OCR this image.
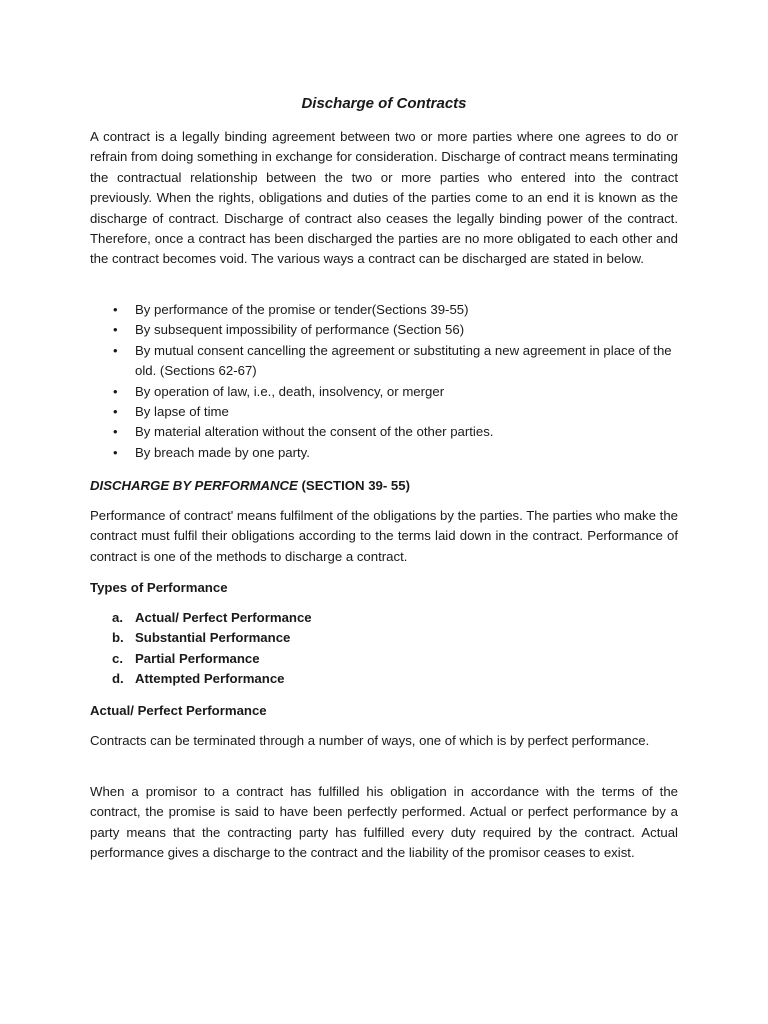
Discharge of Contracts

A contract is a legally binding agreement between two or more parties where one agrees to do or refrain from doing something in exchange for consideration. Discharge of contract means terminating the contractual relationship between the two or more parties who entered into the contract previously. When the rights, obligations and duties of the parties come to an end it is known as the discharge of contract. Discharge of contract also ceases the legally binding power of the contract. Therefore, once a contract has been discharged the parties are no more obligated to each other and the contract becomes void. The various ways a contract can be discharged are stated in below.

• By performance of the promise or tender(Sections 39-55)
• By subsequent impossibility of performance (Section 56)
• By mutual consent cancelling the agreement or substituting a new agreement in place of the old. (Sections 62-67)
• By operation of law, i.e., death, insolvency, or merger
• By lapse of time
• By material alteration without the consent of the other parties.
• By breach made by one party.
DISCHARGE BY PERFORMANCE (SECTION 39- 55)

Performance of contract' means fulfilment of the obligations by the parties. The parties who make the contract must fulfil their obligations according to the terms laid down in the contract. Performance of contract is one of the methods to discharge a contract.

Types of Performance
a. Actual/ Perfect Performance
b. Substantial Performance
c. Partial Performance
d. Attempted Performance
Actual/ Perfect Performance

Contracts can be terminated through a number of ways, one of which is by perfect performance.

When a promisor to a contract has fulfilled his obligation in accordance with the terms of the contract, the promise is said to have been perfectly performed. Actual or perfect performance by a party means that the contracting party has fulfilled every duty required by the contract. Actual performance gives a discharge to the contract and the liability of the promisor ceases to exist.
